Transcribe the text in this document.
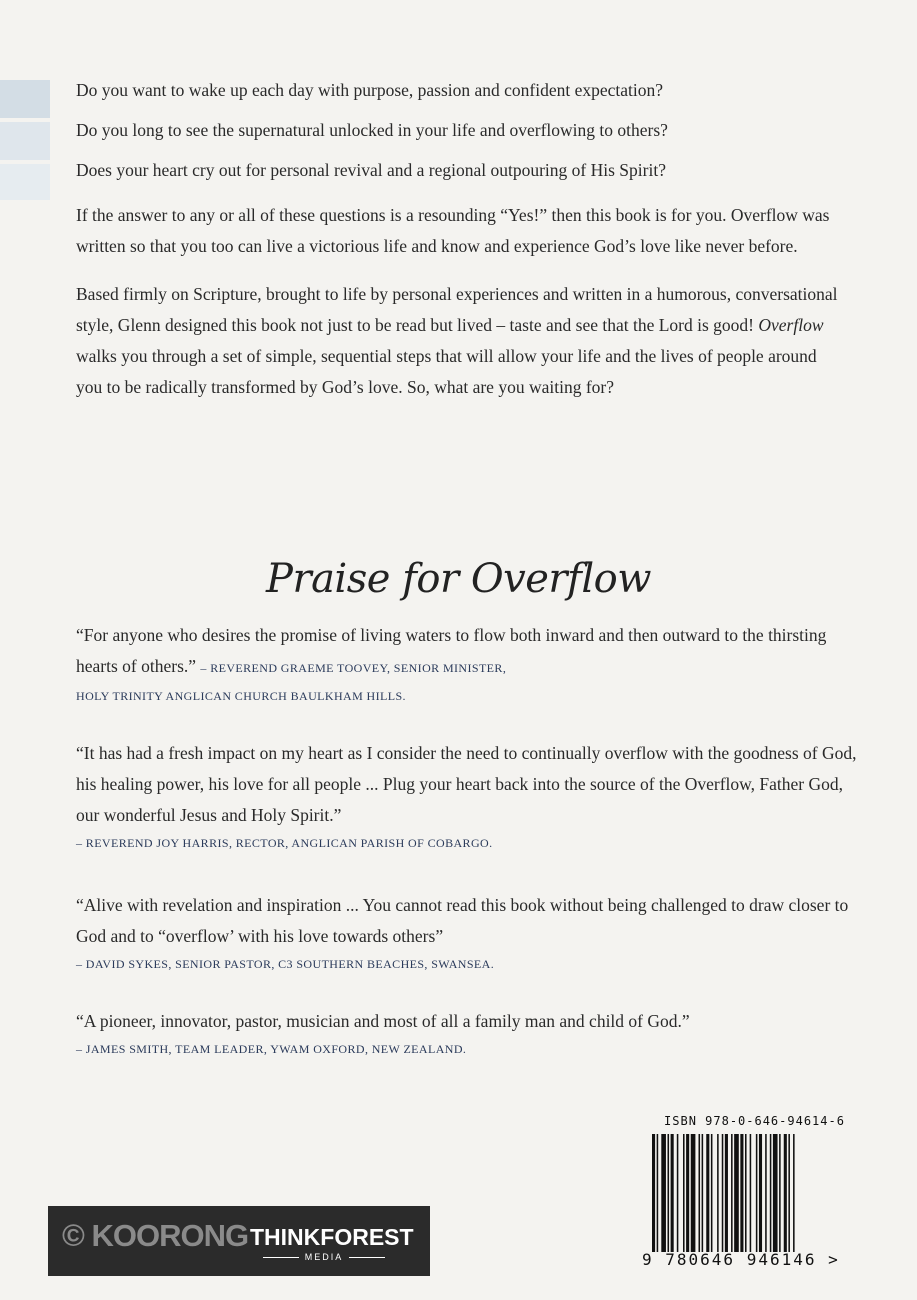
Do you want to wake up each day with purpose, passion and confident expectation?

Do you long to see the supernatural unlocked in your life and overflowing to others?

Does your heart cry out for personal revival and a regional outpouring of His Spirit?

If the answer to any or all of these questions is a resounding “Yes!” then this book is for you. Overflow was written so that you too can live a victorious life and know and experience God’s love like never before.

Based firmly on Scripture, brought to life by personal experiences and written in a humorous, conversational style, Glenn designed this book not just to be read but lived – taste and see that the Lord is good! Overflow walks you through a set of simple, sequential steps that will allow your life and the lives of people around you to be radically transformed by God’s love. So, what are you waiting for?

Praise for Overflow
“For anyone who desires the promise of living waters to flow both inward and then outward to the thirsting hearts of others.” – REVEREND GRAEME TOOVEY, SENIOR MINISTER,
HOLY TRINITY ANGLICAN CHURCH BAULKHAM HILLS.
“It has had a fresh impact on my heart as I consider the need to continually overflow with the goodness of God, his healing power, his love for all people ... Plug your heart back into the source of the Overflow, Father God, our wonderful Jesus and Holy Spirit.”
– REVEREND JOY HARRIS, RECTOR, ANGLICAN PARISH OF COBARGO.
“Alive with revelation and inspiration ... You cannot read this book without being challenged to draw closer to God and to “overflow’ with his love towards others”
– DAVID SYKES, SENIOR PASTOR, C3 SOUTHERN BEACHES, SWANSEA.
“A pioneer, innovator, pastor, musician and most of all a family man and child of God.”
– JAMES SMITH, TEAM LEADER, YWAM OXFORD, NEW ZEALAND.
© KOORONG THINKFOREST
MEDIA
ISBN 978-0-646-94614-6
9 780646 946146 >
